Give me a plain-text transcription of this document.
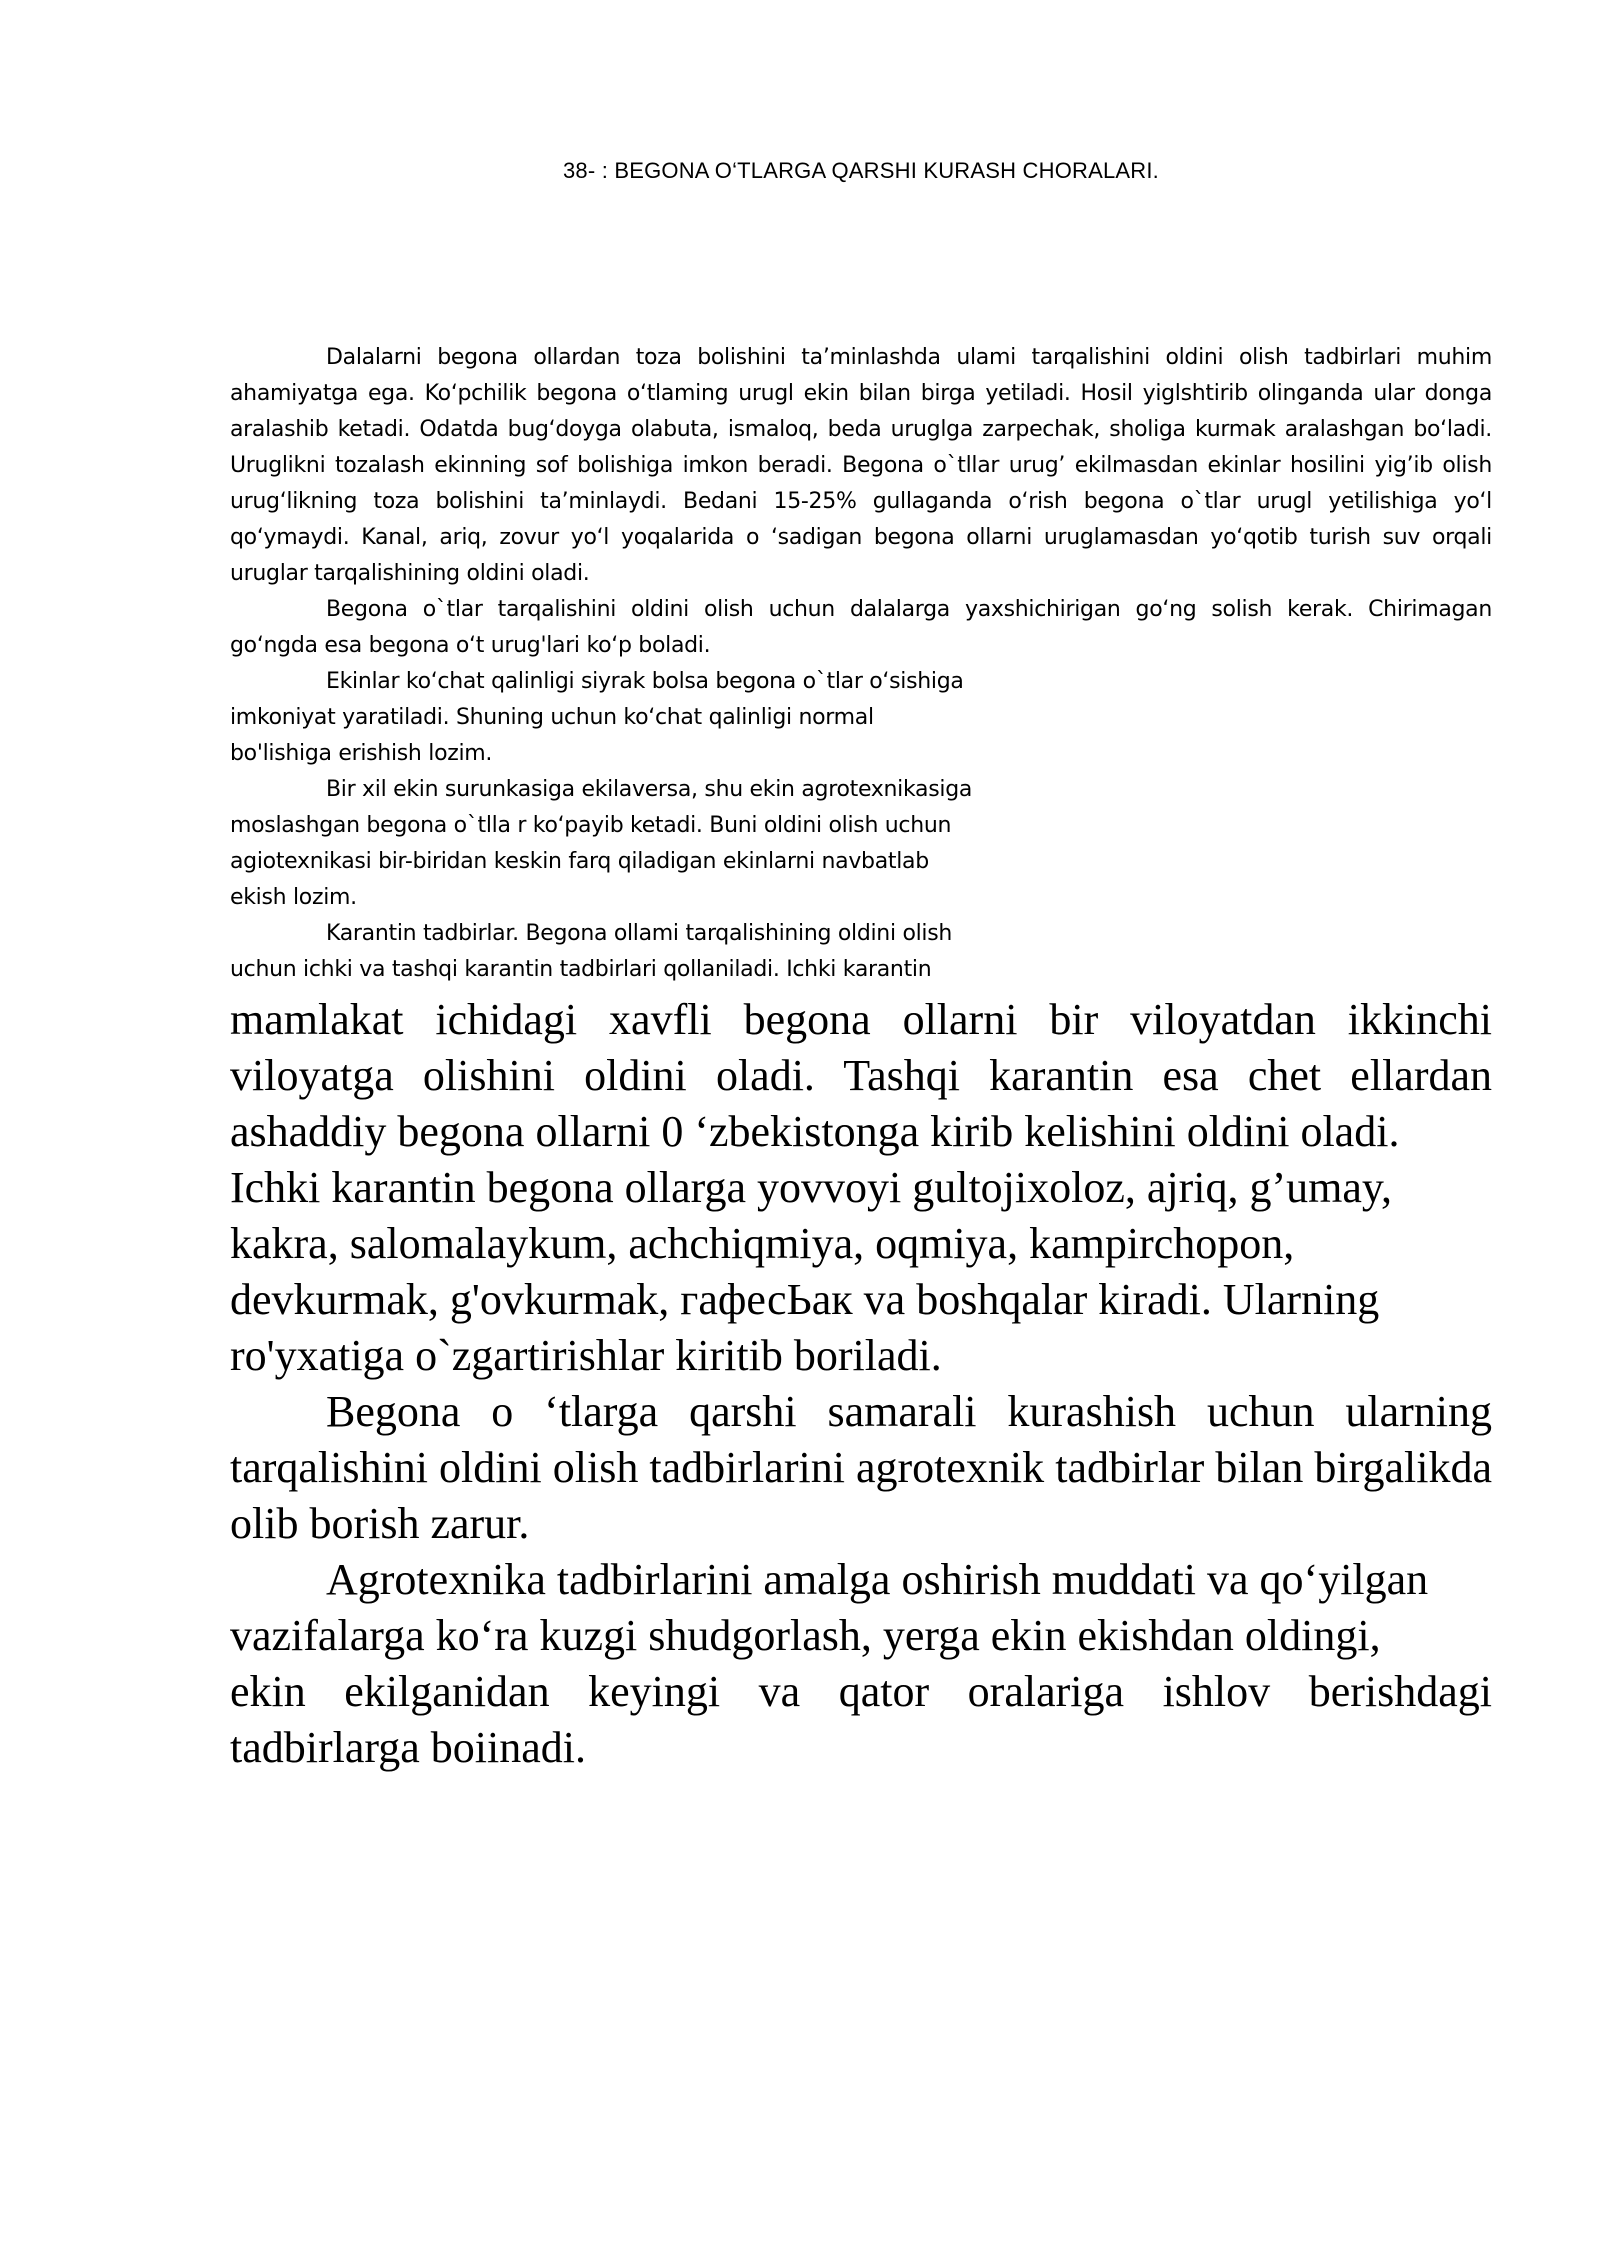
38- : BEGONA O‘TLARGA QARSHI KURASH CHORALARI.

Dalalarni begona ollardan toza bolishini ta’minlashda ulami tarqalishini oldini olish tadbirlari muhim ahamiyatga ega. Ko‘pchilik begona o‘tlaming urugl ekin bilan birga yetiladi. Hosil yiglshtirib olinganda ular donga aralashib ketadi. Odatda bug‘doyga olabuta, ismaloq, beda uruglga zarpechak, sholiga kurmak aralashgan bo‘ladi. Uruglikni tozalash ekinning sof bolishiga imkon beradi. Begona o`tllar urug’ ekilmasdan ekinlar hosilini yig’ib olish urug‘likning toza bolishini ta’minlaydi. Bedani 15-25% gullaganda o‘rish begona o`tlar urugl yetilishiga yo‘l qo‘ymaydi. Kanal, ariq, zovur yo‘l yoqalarida o ‘sadigan begona ollarni uruglamasdan yo‘qotib turish suv orqali uruglar tarqalishining oldini oladi.

Begona o`tlar tarqalishini oldini olish uchun dalalarga yaxshichirigan go‘ng solish kerak. Chirimagan go‘ngda esa begona o‘t urug'lari ko‘p boladi.

Ekinlar ko‘chat qalinligi siyrak bolsa begona o`tlar o‘sishiga
imkoniyat yaratiladi. Shuning uchun ko‘chat qalinligi normal
bo'lishiga erishish lozim.

Bir xil ekin surunkasiga ekilaversa, shu ekin agrotexnikasiga
moslashgan begona o`tlla r ko‘payib ketadi. Buni oldini olish uchun
agiotexnikasi bir-biridan keskin farq qiladigan ekinlarni navbatlab
ekish lozim.

Karantin tadbirlar. Begona ollami tarqalishining oldini olish
uchun ichki va tashqi karantin tadbirlari qollaniladi. Ichki karantin

mamlakat ichidagi xavfli begona ollarni bir viloyatdan ikkinchi viloyatga olishini oldini oladi. Tashqi karantin esa chet ellardan ashaddiy begona ollarni 0 ‘zbekistonga kirib kelishini oldini oladi.

Ichki karantin begona ollarga yovvoyi gultojixoloz, ajriq, g’umay,

kakra, salomalaykum, achchiqmiya, oqmiya, kampirchopon,

devkurmak, g'ovkurmak, гафесЬак va boshqalar kiradi. Ularning

ro'yxatiga o`zgartirishlar kiritib boriladi.

Begona o ‘tlarga qarshi samarali kurashish uchun ularning tarqalishini oldini olish tadbirlarini agrotexnik tadbirlar bilan birgalikda olib borish zarur.

Agrotexnika tadbirlarini amalga oshirish muddati va qo‘yilgan

vazifalarga ko‘ra kuzgi shudgorlash, yerga ekin ekishdan oldingi,

ekin ekilganidan keyingi va qator oralariga ishlov berishdagi tadbirlarga boiinadi.
